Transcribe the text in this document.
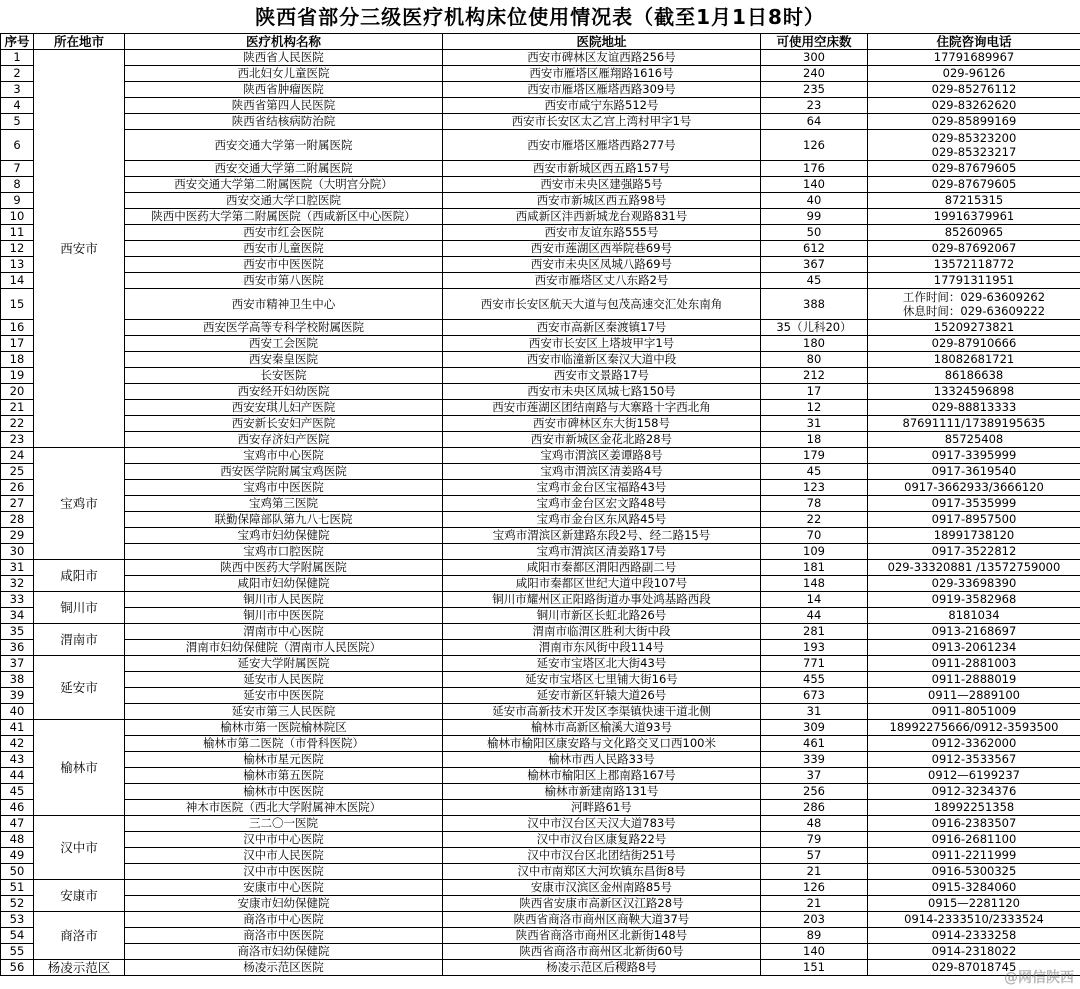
陕西省部分三级医疗机构床位使用情况表（截至1月1日8时）
序号	所在地市	医疗机构名称	医院地址	可使用空床数	住院咨询电话
1	西安市	陕西省人民医院	西安市碑林区友谊西路256号	300	17791689967
2		西北妇女儿童医院	西安市雁塔区雁翔路1616号	240	029-96126
3		陕西省肿瘤医院	西安市雁塔区雁塔西路309号	235	029-85276112
4		陕西省第四人民医院	西安市咸宁东路512号	23	029-83262620
5		陕西省结核病防治院	西安市长安区太乙宫上湾村甲字1号	64	029-85899169
6		西安交通大学第一附属医院	西安市雁塔区雁塔西路277号	126	029-85323200
029-85323217
7		西安交通大学第二附属医院	西安市新城区西五路157号	176	029-87679605
8		西安交通大学第二附属医院（大明宫分院）	西安市未央区建强路5号	140	029-87679605
9		西安交通大学口腔医院	西安市新城区西五路98号	40	87215315
10		陕西中医药大学第二附属医院（西咸新区中心医院）	西咸新区沣西新城龙台观路831号	99	19916379961
11		西安市红会医院	西安市友谊东路555号	50	85260965
12		西安市儿童医院	西安市莲湖区西举院巷69号	612	029-87692067
13		西安市中医医院	西安市未央区凤城八路69号	367	13572118772
14		西安市第八医院	西安市雁塔区丈八东路2号	45	17791311951
15		西安市精神卫生中心	西安市长安区航天大道与包茂高速交汇处东南角	388	工作时间：029-63609262
休息时间：029-63609222
16		西安医学高等专科学校附属医院	西安市高新区秦渡镇17号	35（儿科20）	15209273821
17		西安工会医院	西安市长安区上塔坡甲字1号	180	029-87910666
18		西安秦皇医院	西安市临潼新区秦汉大道中段	80	18082681721
19		长安医院	西安市文景路17号	212	86186638
20		西安经开妇幼医院	西安市未央区凤城七路150号	17	13324596898
21		西安安琪儿妇产医院	西安市莲湖区团结南路与大寨路十字西北角	12	029-88813333
22		西安新长安妇产医院	西安市碑林区东大街158号	31	87691111/17389195635
23		西安存济妇产医院	西安市新城区金花北路28号	18	85725408
24	宝鸡市	宝鸡市中心医院	宝鸡市渭滨区姜谭路8号	179	0917-3395999
25		西安医学院附属宝鸡医院	宝鸡市渭滨区清姜路4号	45	0917-3619540
26		宝鸡市中医医院	宝鸡市金台区宝福路43号	123	0917-3662933/3666120
27		宝鸡第三医院	宝鸡市金台区宏文路48号	78	0917-3535999
28		联勤保障部队第九八七医院	宝鸡市金台区东风路45号	22	0917-8957500
29		宝鸡市妇幼保健院	宝鸡市渭滨区新建路东段2号、经二路15号	70	18991738120
30		宝鸡市口腔医院	宝鸡市渭滨区清姜路17号	109	0917-3522812
31	咸阳市	陕西中医药大学附属医院	咸阳市秦都区渭阳西路副二号	181	029-33320881 /13572759000
32		咸阳市妇幼保健院	咸阳市秦都区世纪大道中段107号	148	029-33698390
33	铜川市	铜川市人民医院	铜川市耀州区正阳路街道办事处鸿基路西段	14	0919-3582968
34		铜川市中医医院	铜川市新区长虹北路26号	44	8181034
35	渭南市	渭南市中心医院	渭南市临渭区胜利大街中段	281	0913-2168697
36		渭南市妇幼保健院（渭南市人民医院）	渭南市东风街中段114号	193	0913-2061234
37	延安市	延安大学附属医院	延安市宝塔区北大街43号	771	0911-2881003
38		延安市人民医院	延安市宝塔区七里铺大街16号	455	0911-2888019
39		延安市中医医院	延安市新区轩辕大道26号	673	0911—2889100
40		延安市第三人民医院	延安市高新技术开发区李渠镇快速干道北侧	31	0911-8051009
41	榆林市	榆林市第一医院榆林院区	榆林市高新区榆溪大道93号	309	18992275666/0912-3593500
42		榆林市第二医院（市骨科医院）	榆林市榆阳区康安路与文化路交叉口西100米	461	0912-3362000
43		榆林市星元医院	榆林市西人民路33号	339	0912-3533567
44		榆林市第五医院	榆林市榆阳区上郡南路167号	37	0912—6199237
45		榆林市中医医院	榆林市新建南路131号	256	0912-3234376
46		神木市医院（西北大学附属神木医院）	河畔路61号	286	18992251358
47	汉中市	三二〇一医院	汉中市汉台区天汉大道783号	48	0916-2383507
48		汉中市中心医院	汉中市汉台区康复路22号	79	0916-2681100
49		汉中市人民医院	汉中市汉台区北团结街251号	57	0911-2211999
50		汉中市中医医院	汉中市南郑区大河坎镇东昌街8号	21	0916-5300325
51	安康市	安康市中心医院	安康市汉滨区金州南路85号	126	0915-3284060
52		安康市妇幼保健院	陕西省安康市高新区汉江路28号	21	0915—2281120
53	商洛市	商洛市中心医院	陕西省商洛市商州区商鞅大道37号	203	0914-2333510/2333524
54		商洛市中医医院	陕西省商洛市商州区北新街148号	89	0914-2333258
55		商洛市妇幼保健院	陕西省商洛市商州区北新街60号	140	0914-2318022
56	杨凌示范区	杨凌示范区医院	杨凌示范区后稷路8号	151	029-87018745
@网信陕西
